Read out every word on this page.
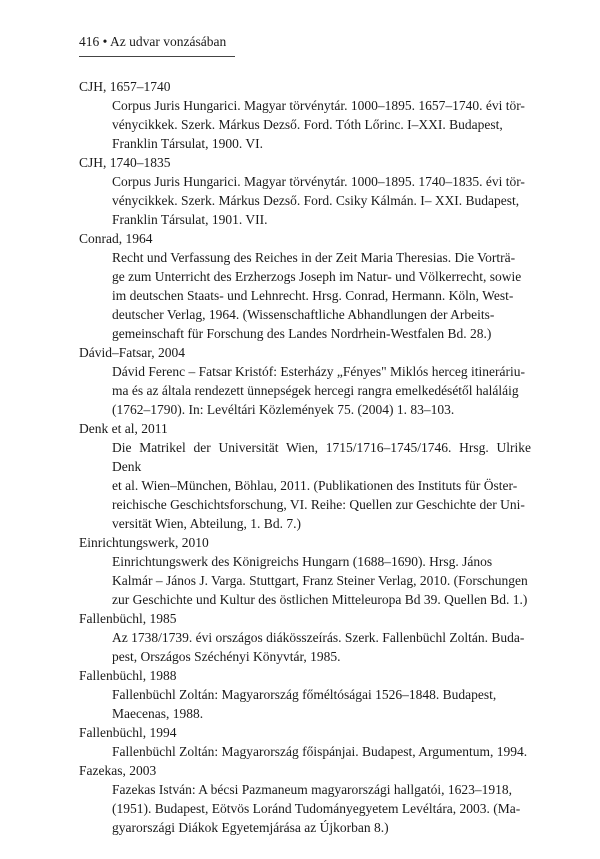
416 • Az udvar vonzásában
CJH, 1657–1740
Corpus Juris Hungarici. Magyar törvénytár. 1000–1895. 1657–1740. évi tör-
vénycikkek. Szerk. Márkus Dezső. Ford. Tóth Lőrinc. I–XXI. Budapest,
Franklin Társulat, 1900. VI.
CJH, 1740–1835
Corpus Juris Hungarici. Magyar törvénytár. 1000–1895. 1740–1835. évi tör-
vénycikkek. Szerk. Márkus Dezső. Ford. Csiky Kálmán. I– XXI. Budapest,
Franklin Társulat, 1901. VII.
Conrad, 1964
Recht und Verfassung des Reiches in der Zeit Maria Theresias. Die Vorträ-
ge zum Unterricht des Erzherzogs Joseph im Natur- und Völkerrecht, sowie
im deutschen Staats- und Lehnrecht. Hrsg. Conrad, Hermann. Köln, West-
deutscher Verlag, 1964. (Wissenschaftliche Abhandlungen der Arbeits-
gemeinschaft für Forschung des Landes Nordrhein-Westfalen Bd. 28.)
Dávid–Fatsar, 2004
Dávid Ferenc – Fatsar Kristóf: Esterházy „Fényes" Miklós herceg itinerárіu-
ma és az általa rendezett ünnepségek hercegi rangra emelkedésétől haláláig
(1762–1790). In: Levéltári Közlemények 75. (2004) 1. 83–103.
Denk et al, 2011
Die Matrikel der Universität Wien, 1715/1716–1745/1746. Hrsg. Ulrike Denk
et al. Wien–München, Böhlau, 2011. (Publikationen des Instituts für Öster-
reichische Geschichtsforschung, VI. Reihe: Quellen zur Geschichte der Uni-
versität Wien, Abteilung, 1. Bd. 7.)
Einrichtungswerk, 2010
Einrichtungswerk des Königreichs Hungarn (1688–1690). Hrsg. János
Kalmár – János J. Varga. Stuttgart, Franz Steiner Verlag, 2010. (Forschungen
zur Geschichte und Kultur des östlichen Mitteleuropa Bd 39. Quellen Bd. 1.)
Fallenbüchl, 1985
Az 1738/1739. évi országos diákösszeírás. Szerk. Fallenbüchl Zoltán. Buda-
pest, Országos Széchényi Könyvtár, 1985.
Fallenbüchl, 1988
Fallenbüchl Zoltán: Magyarország főméltóságai 1526–1848. Budapest,
Maecenas, 1988.
Fallenbüchl, 1994
Fallenbüchl Zoltán: Magyarország főispánjai. Budapest, Argumentum, 1994.
Fazekas, 2003
Fazekas István: A bécsi Pazmaneum magyarországi hallgatói, 1623–1918,
(1951). Budapest, Eötvös Loránd Tudományegyetem Levéltára, 2003. (Ma-
gyarországi Diákok Egyetemjárása az Újkorban 8.)
